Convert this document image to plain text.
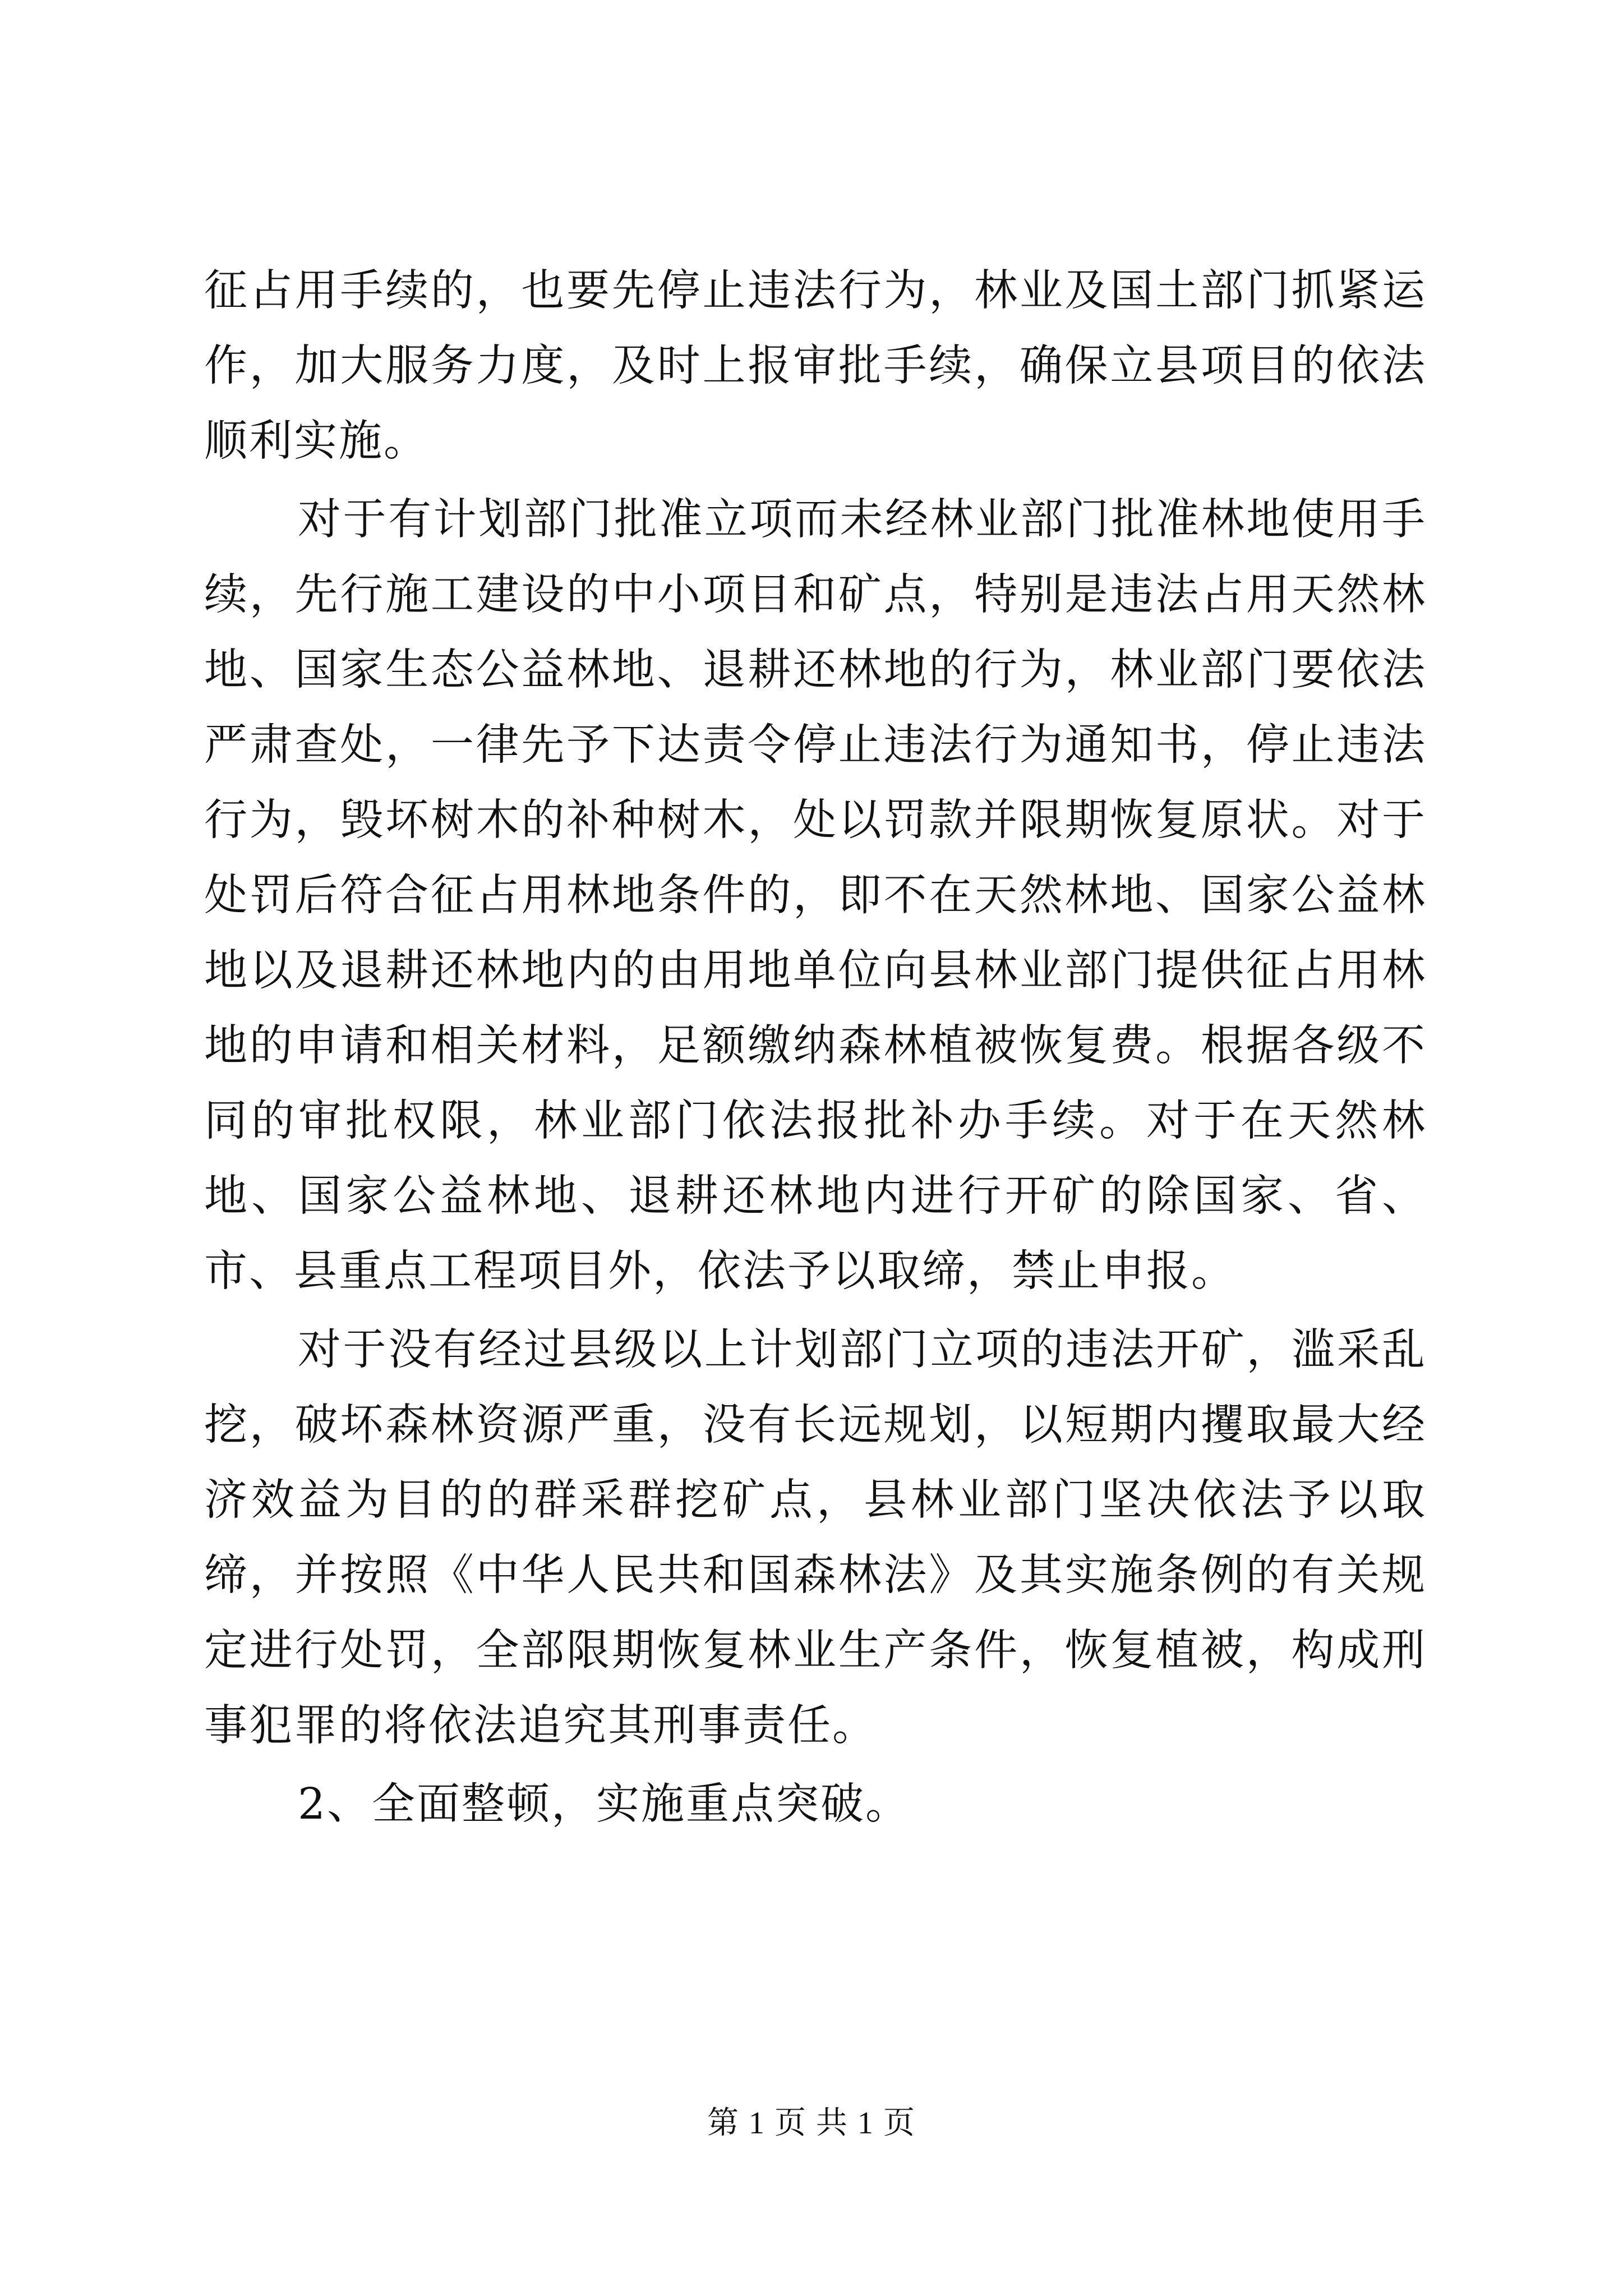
征占用手续的，也要先停止违法行为，林业及国土部门抓紧运作，加大服务力度，及时上报审批手续，确保立县项目的依法顺利实施。

对于有计划部门批准立项而未经林业部门批准林地使用手续，先行施工建设的中小项目和矿点，特别是违法占用天然林地、国家生态公益林地、退耕还林地的行为，林业部门要依法严肃查处，一律先予下达责令停止违法行为通知书，停止违法行为，毁坏树木的补种树木，处以罚款并限期恢复原状。对于处罚后符合征占用林地条件的，即不在天然林地、国家公益林地以及退耕还林地内的由用地单位向县林业部门提供征占用林地的申请和相关材料，足额缴纳森林植被恢复费。根据各级不同的审批权限，林业部门依法报批补办手续。对于在天然林地、国家公益林地、退耕还林地内进行开矿的除国家、省、市、县重点工程项目外，依法予以取缔，禁止申报。

对于没有经过县级以上计划部门立项的违法开矿，滥采乱挖，破坏森林资源严重，没有长远规划，以短期内攫取最大经济效益为目的的群采群挖矿点，县林业部门坚决依法予以取缔，并按照《中华人民共和国森林法》及其实施条例的有关规定进行处罚，全部限期恢复林业生产条件，恢复植被，构成刑事犯罪的将依法追究其刑事责任。

2、全面整顿，实施重点突破。

第 1 页 共 1 页
